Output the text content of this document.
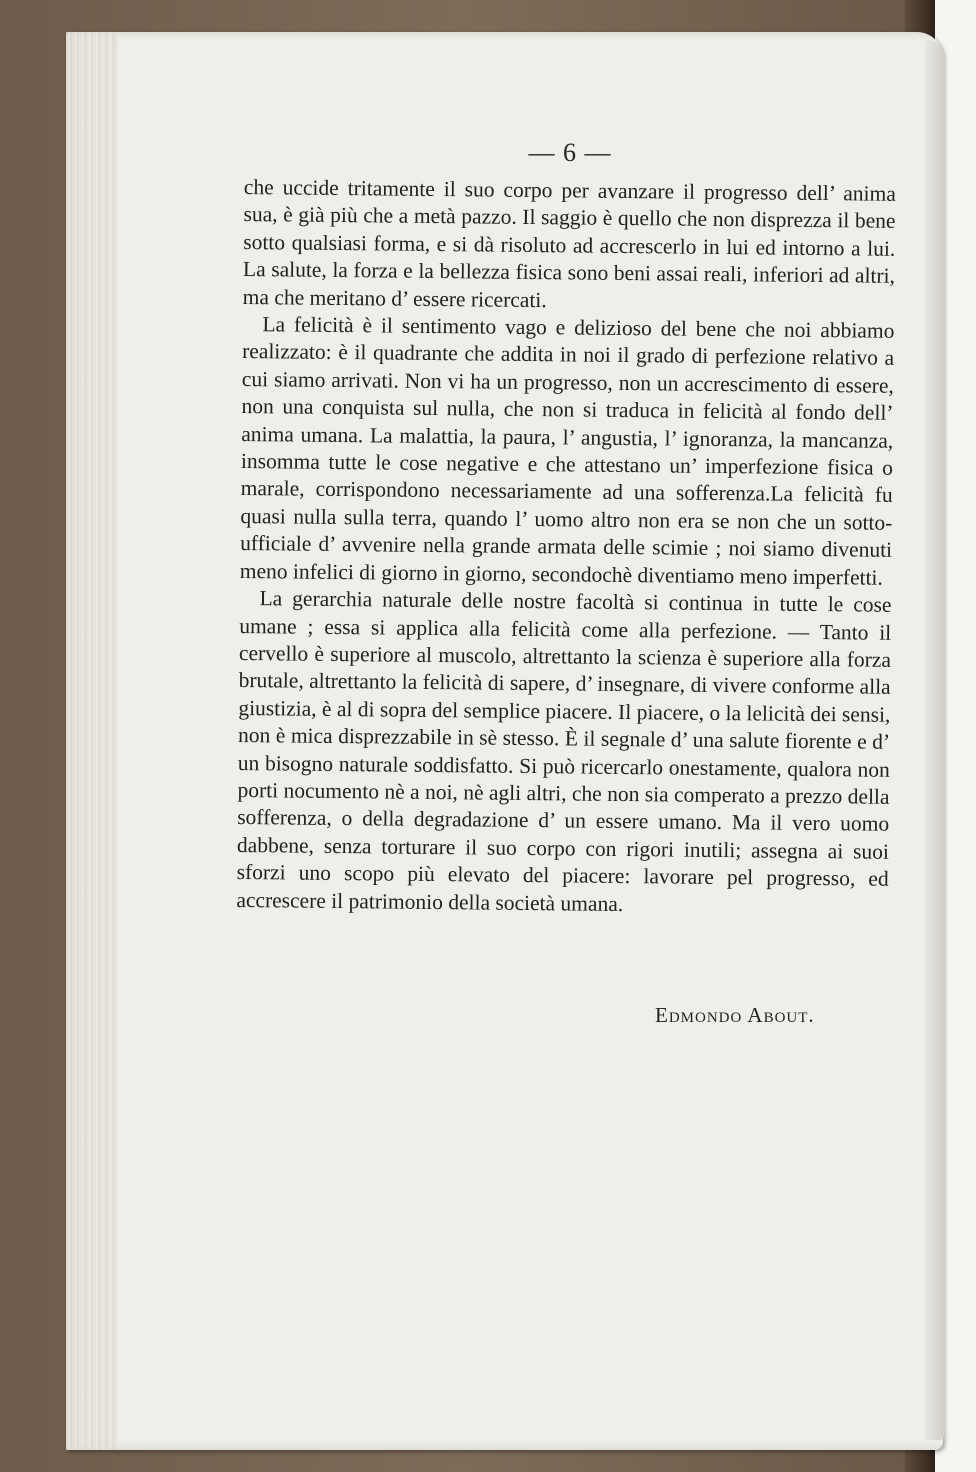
— 6 —

che uccide tritamente il suo corpo per avanzare il progresso dell’ anima sua, è già più che a metà pazzo. Il saggio è quello che non disprezza il bene sotto qualsiasi forma, e si dà risoluto ad accrescerlo in lui ed intorno a lui. La salute, la forza e la bellezza fisica sono beni assai reali, inferiori ad altri, ma che meritano d’ essere ricercati.

La felicità è il sentimento vago e delizioso del bene che noi abbiamo realizzato: è il quadrante che addita in noi il grado di perfezione relativo a cui siamo arrivati. Non vi ha un progresso, non un accrescimento di essere, non una conquista sul nulla, che non si traduca in felicità al fondo dell’ anima umana. La malattia, la paura, l’ angustia, l’ ignoranza, la mancanza, insomma tutte le cose negative e che attestano un’ imperfezione fisica o marale, corrispondono necessariamente ad una sofferenza.La felicità fu quasi nulla sulla terra, quando l’ uomo altro non era se non che un sotto-ufficiale d’ avvenire nella grande armata delle scimie ; noi siamo divenuti meno infelici di giorno in giorno, secondochè diventiamo meno imperfetti.

La gerarchia naturale delle nostre facoltà si continua in tutte le cose umane ; essa si applica alla felicità come alla perfezione. — Tanto il cervello è superiore al muscolo, altrettanto la scienza è superiore alla forza brutale, altrettanto la felicità di sapere, d’ insegnare, di vivere conforme alla giustizia, è al di sopra del semplice piacere. Il piacere, o la lelicità dei sensi, non è mica disprezzabile in sè stesso. È il segnale d’ una salute fiorente e d’ un bisogno naturale soddisfatto. Si può ricercarlo onestamente, qualora non porti nocumento nè a noi, nè agli altri, che non sia comperato a prezzo della sofferenza, o della degradazione d’ un essere umano. Ma il vero uomo dabbene, senza torturare il suo corpo con rigori inutili; assegna ai suoi sforzi uno scopo più elevato del piacere: lavorare pel progresso, ed accrescere il patrimonio della società umana.

Edmondo About.
